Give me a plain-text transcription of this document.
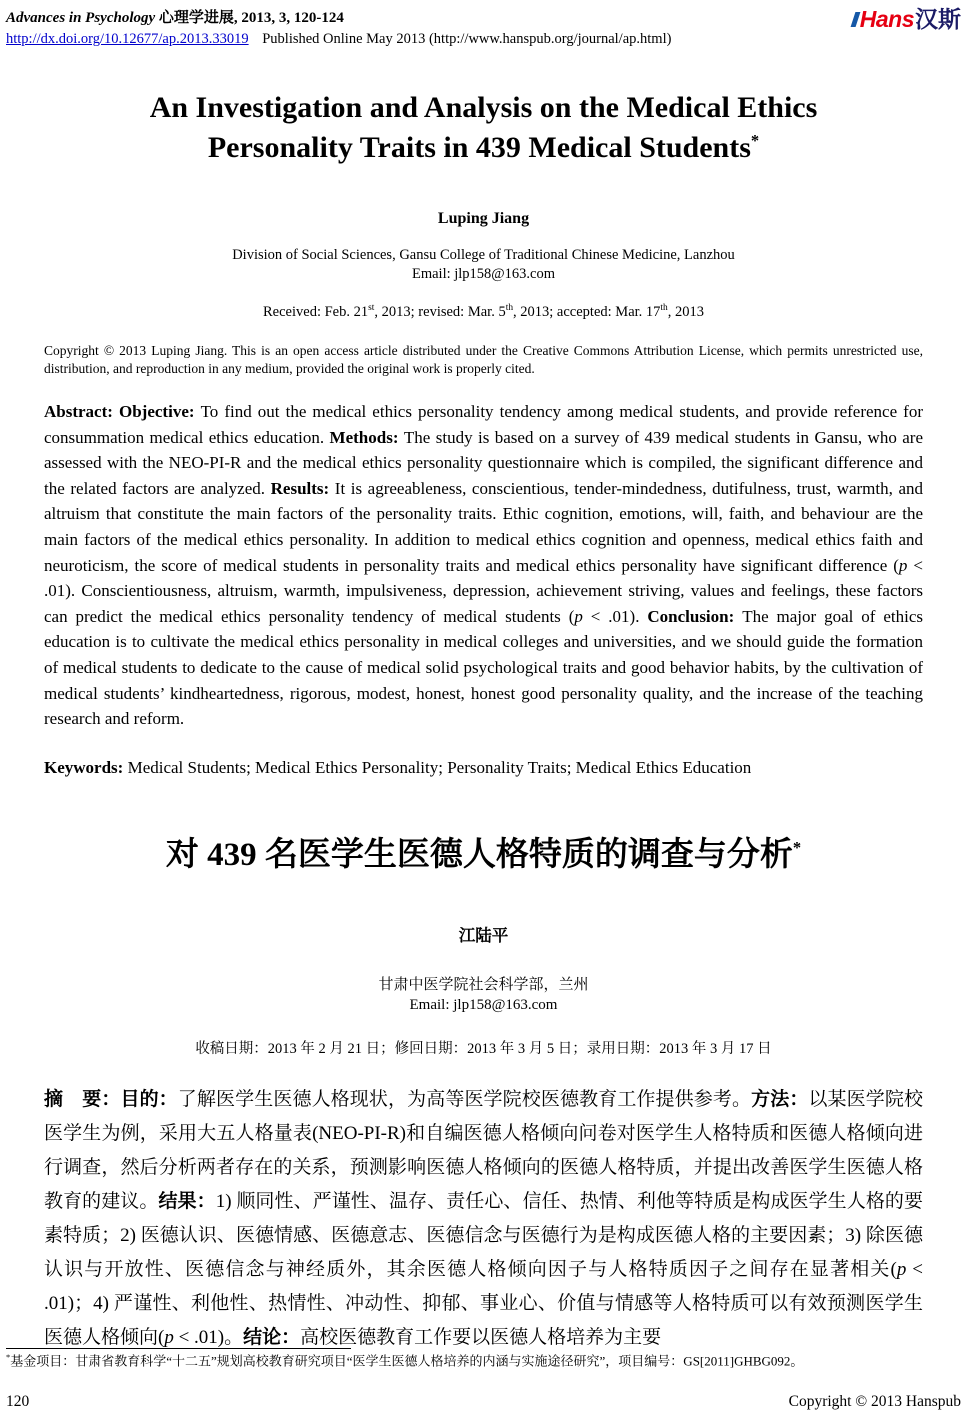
Advances in Psychology 心理学进展, 2013, 3, 120-124
http://dx.doi.org/10.12677/ap.2013.33019 Published Online May 2013 (http://www.hanspub.org/journal/ap.html)
Hans汉斯
An Investigation and Analysis on the Medical Ethics
Personality Traits in 439 Medical Students*
Luping Jiang
Division of Social Sciences, Gansu College of Traditional Chinese Medicine, Lanzhou
Email: jlp158@163.com
Received: Feb. 21st, 2013; revised: Mar. 5th, 2013; accepted: Mar. 17th, 2013

Copyright © 2013 Luping Jiang. This is an open access article distributed under the Creative Commons Attribution License, which permits unrestricted use, distribution, and reproduction in any medium, provided the original work is properly cited.

Abstract: Objective: To find out the medical ethics personality tendency among medical students, and provide reference for consummation medical ethics education. Methods: The study is based on a survey of 439 medical students in Gansu, who are assessed with the NEO-PI-R and the medical ethics personality questionnaire which is compiled, the significant difference and the related factors are analyzed. Results: It is agreeableness, conscientious, tender-mindedness, dutifulness, trust, warmth, and altruism that constitute the main factors of the personality traits. Ethic cognition, emotions, will, faith, and behaviour are the main factors of the medical ethics personality. In addition to medical ethics cognition and openness, medical ethics faith and neuroticism, the score of medical students in personality traits and medical ethics personality have significant difference (p < .01). Conscientiousness, altruism, warmth, impulsiveness, depression, achievement striving, values and feelings, these factors can predict the medical ethics personality tendency of medical students (p < .01). Conclusion: The major goal of ethics education is to cultivate the medical ethics personality in medical colleges and universities, and we should guide the formation of medical students to dedicate to the cause of medical solid psychological traits and good behavior habits, by the cultivation of medical students’ kindheartedness, rigorous, modest, honest, honest good personality quality, and the increase of the teaching research and reform.

Keywords: Medical Students; Medical Ethics Personality; Personality Traits; Medical Ethics Education

对 439 名医学生医德人格特质的调查与分析*
江陆平
甘肃中医学院社会科学部，兰州
Email: jlp158@163.com
收稿日期：2013 年 2 月 21 日；修回日期：2013 年 3 月 5 日；录用日期：2013 年 3 月 17 日

摘　要：目的：了解医学生医德人格现状，为高等医学院校医德教育工作提供参考。方法：以某医学院校医学生为例，采用大五人格量表(NEO-PI-R)和自编医德人格倾向问卷对医学生人格特质和医德人格倾向进行调查，然后分析两者存在的关系，预测影响医德人格倾向的医德人格特质，并提出改善医学生医德人格教育的建议。结果：1) 顺同性、严谨性、温存、责任心、信任、热情、利他等特质是构成医学生人格的要素特质；2) 医德认识、医德情感、医德意志、医德信念与医德行为是构成医德人格的主要因素；3) 除医德认识与开放性、医德信念与神经质外，其余医德人格倾向因子与人格特质因子之间存在显著相关(p < .01)；4) 严谨性、利他性、热情性、冲动性、抑郁、事业心、价值与情感等人格特质可以有效预测医学生医德人格倾向(p < .01)。结论：高校医德教育工作要以医德人格培养为主要

*基金项目：甘肃省教育科学“十二五”规划高校教育研究项目“医学生医德人格培养的内涵与实施途径研究”，项目编号：GS[2011]GHBG092。
120	Copyright © 2013 Hanspub
